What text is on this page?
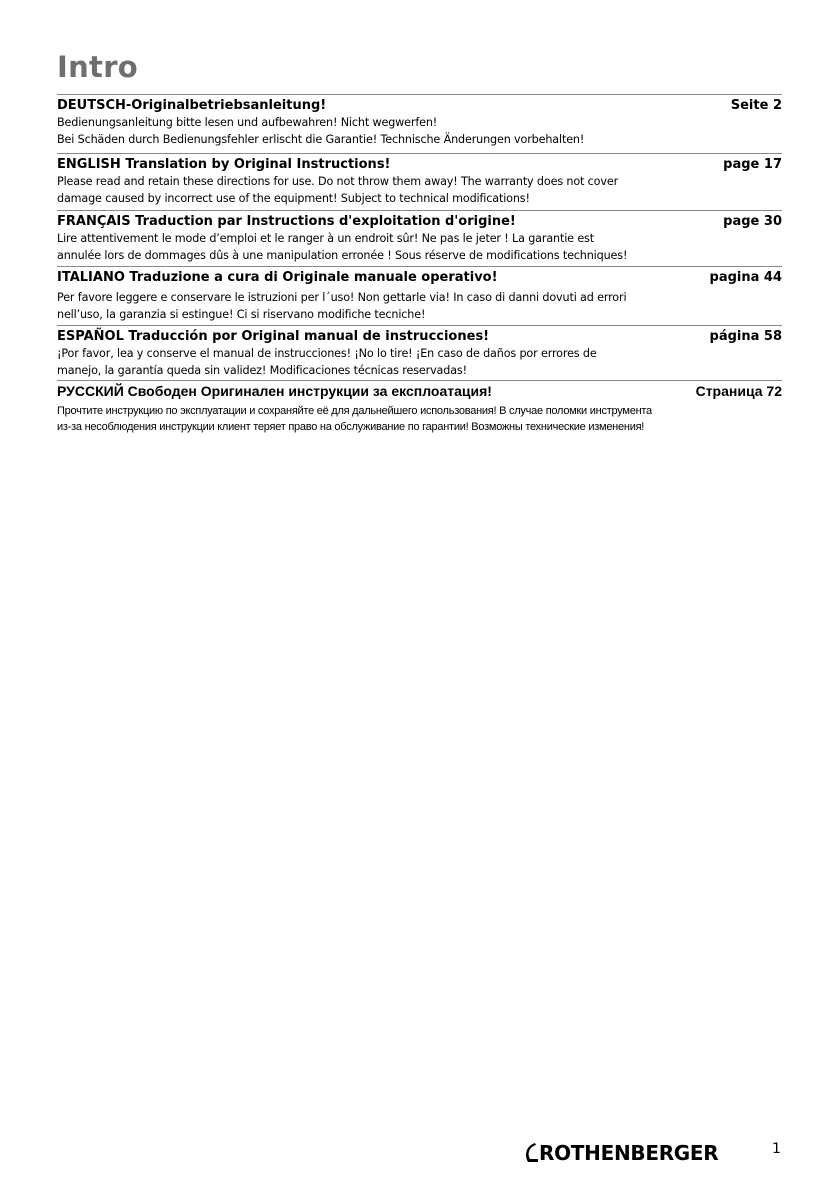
Intro
DEUTSCH-Originalbetriebsanleitung!	Seite 2
Bedienungsanleitung bitte lesen und aufbewahren! Nicht wegwerfen!
Bei Schäden durch Bedienungsfehler erlischt die Garantie! Technische Änderungen vorbehalten!
ENGLISH Translation by Original Instructions!	page 17
Please read and retain these directions for use. Do not throw them away! The warranty does not cover
damage caused by incorrect use of the equipment! Subject to technical modifications!
FRANÇAIS Traduction par Instructions d'exploitation d'origine!	page 30
Lire attentivement le mode d’emploi et le ranger à un endroit sûr! Ne pas le jeter ! La garantie est
annulée lors de dommages dûs à une manipulation erronée ! Sous réserve de modifications techniques!
ITALIANO Traduzione a cura di Originale manuale operativo!	pagina 44
Per favore leggere e conservare le istruzioni per l´uso! Non gettarle via! In caso di danni dovuti ad errori
nell’uso, la garanzia si estingue! Ci si riservano modifiche tecniche!
ESPAÑOL Traducción por Original manual de instrucciones!	página 58
¡Por favor, lea y conserve el manual de instrucciones! ¡No lo tire! ¡En caso de daños por errores de
manejo, la garantía queda sin validez! Modificaciones técnicas reservadas!
РУССКИЙ Свободен Оригинален инструкции за експлоатация!	Страница 72
Прочтите инструкцию по эксплуатации и сохраняйте её для дальнейшего использования! В случае поломки инструмента
из-за несоблюдения инструкции клиент теряет право на обслуживание по гарантии! Возможны технические изменения!
ROTHENBERGER	1
